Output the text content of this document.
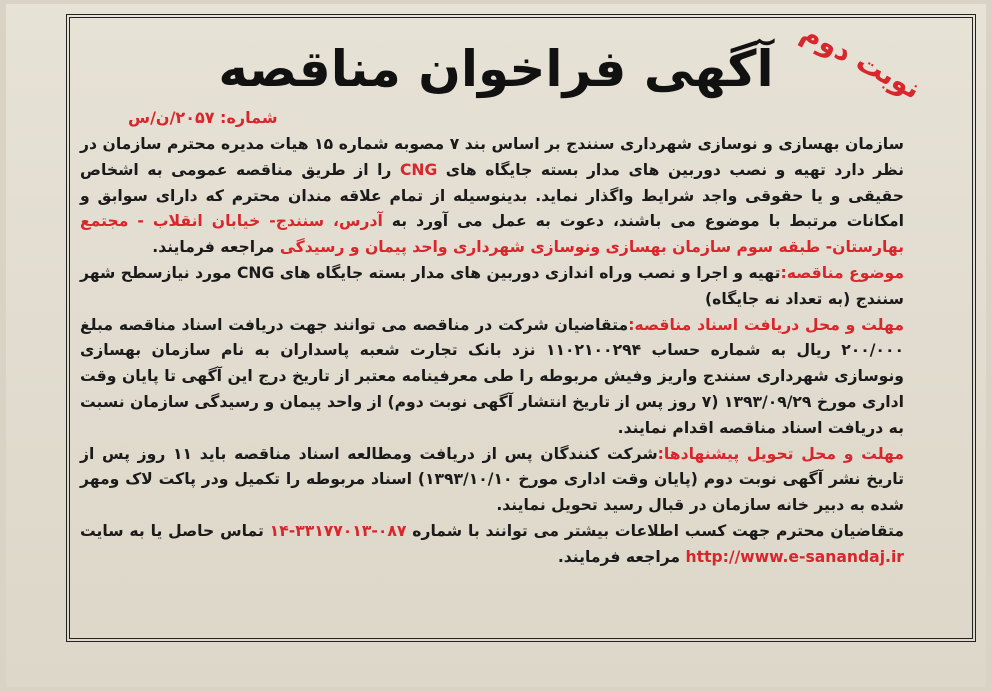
نوبت دوم
آگهی فراخوان مناقصه
شماره: ۲۰۵۷/ن/س
سازمان بهسازی و نوسازی شهرداری سنندج بر اساس بند ۷ مصوبه شماره ۱۵ هیات مدیره محترم سازمان در نظر دارد تهیه و نصب دوربین های مدار بسته جایگاه های CNG را از طریق مناقصه عمومی به اشخاص حقیقی و یا حقوقی واجد شرایط واگذار نماید. بدینوسیله از تمام علاقه مندان محترم که دارای سوابق و امکانات مرتبط با موضوع می باشند، دعوت به عمل می آورد به آدرس، سنندج- خیابان انقلاب - مجتمع بهارستان- طبقه سوم سازمان بهسازی ونوسازی شهرداری واحد پیمان و رسیدگی مراجعه فرمایند.
موضوع مناقصه:تهیه و اجرا و نصب وراه اندازی دوربین های مدار بسته جایگاه های CNG مورد نیازسطح شهر سنندج (به تعداد نه جایگاه)
مهلت و محل دریافت اسناد مناقصه:متقاضیان شرکت در مناقصه می توانند جهت دریافت اسناد مناقصه مبلغ ۲۰۰/۰۰۰ ریال به شماره حساب ۱۱۰۲۱۰۰۲۹۴ نزد بانک تجارت شعبه پاسداران به نام سازمان بهسازی ونوسازی شهرداری سنندج واریز وفیش مربوطه را طی معرفینامه معتبر از تاریخ درج این آگهی تا پایان وقت اداری مورخ ۱۳۹۳/۰۹/۲۹ (۷ روز پس از تاریخ انتشار آگهی نوبت دوم) از واحد پیمان و رسیدگی سازمان نسبت به دریافت اسناد مناقصه اقدام نمایند.
مهلت و محل تحویل پیشنهادها:شرکت کنندگان پس از دریافت ومطالعه اسناد مناقصه باید ۱۱ روز پس از تاریخ نشر آگهی نوبت دوم (پایان وقت اداری مورخ ۱۳۹۳/۱۰/۱۰) اسناد مربوطه را تکمیل ودر پاکت لاک ومهر شده به دبیر خانه سازمان در قبال رسید تحویل نمایند.
متقاضیان محترم جهت کسب اطلاعات بیشتر می توانند با شماره ۰۸۷-۳۳۱۷۷۰۱۳-۱۴ تماس حاصل یا به سایت http://www.e-sanandaj.ir مراجعه فرمایند.
